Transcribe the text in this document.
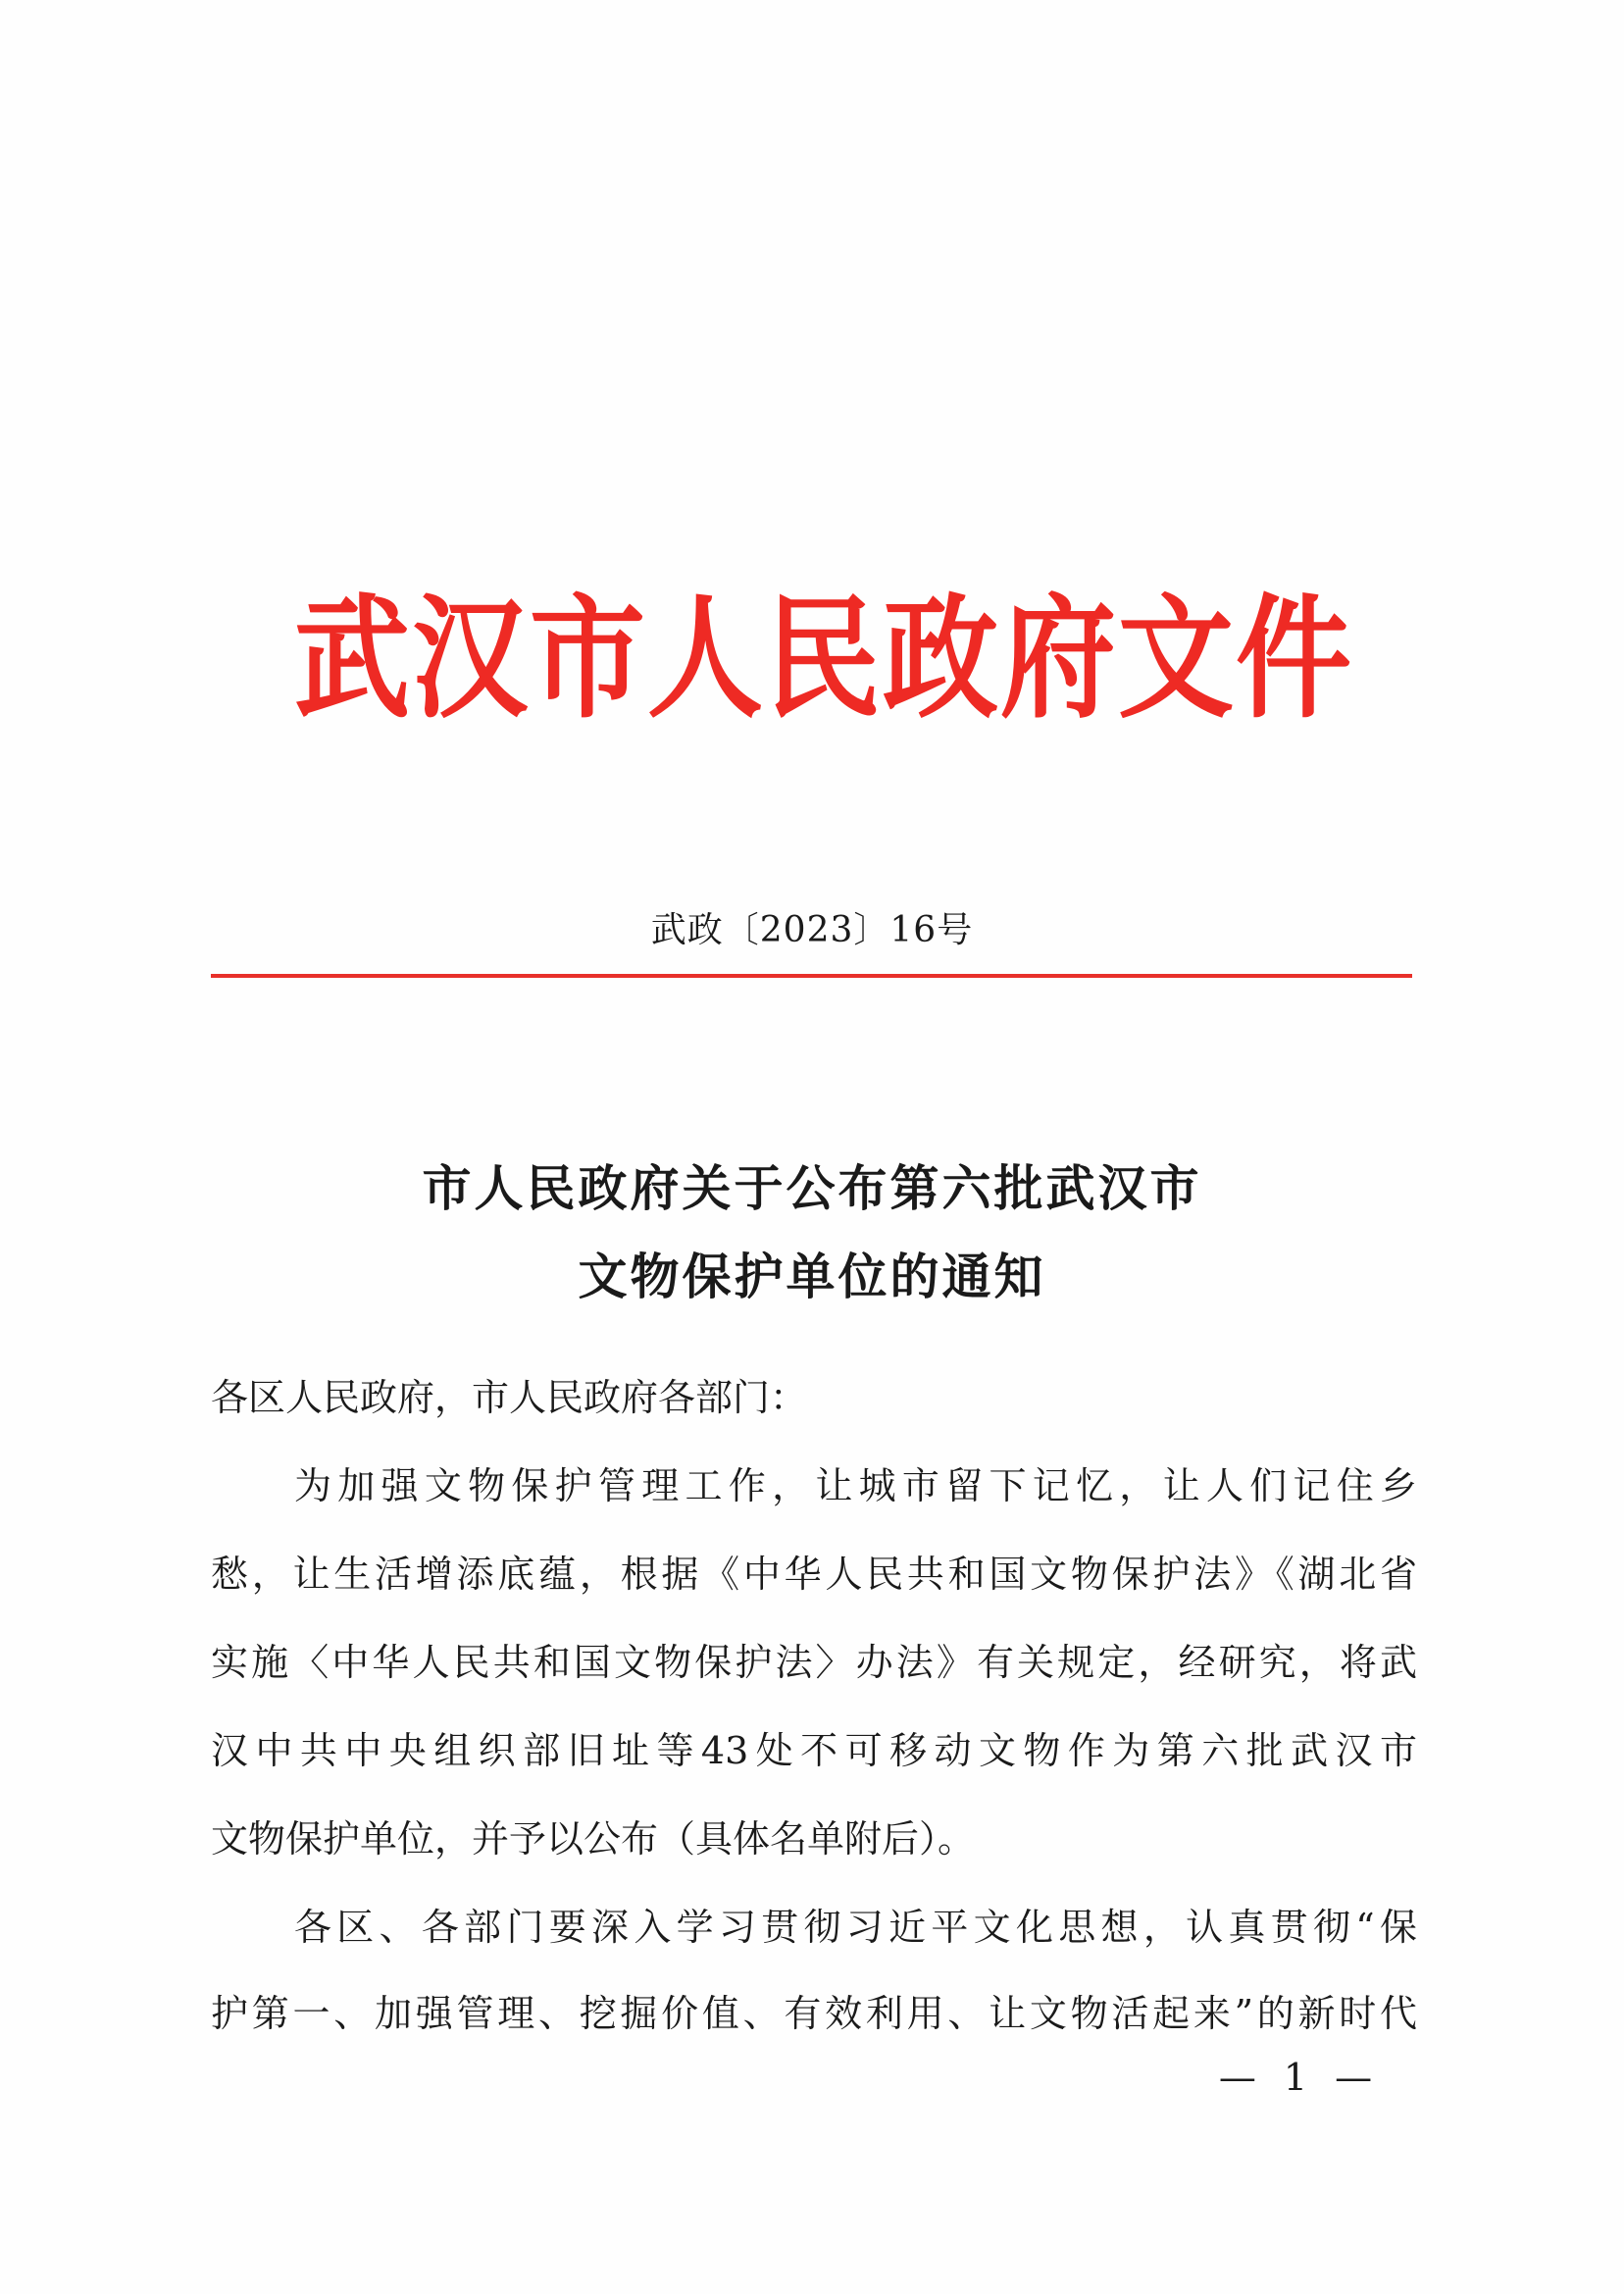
武汉市人民政府文件
武政〔2023〕16号
市人民政府关于公布第六批武汉市
文物保护单位的通知
各区人民政府，市人民政府各部门：
为加强文物保护管理工作，让城市留下记忆，让人们记住乡
愁，让生活增添底蕴，根据《中华人民共和国文物保护法》《湖北省
实施〈中华人民共和国文物保护法〉办法》有关规定，经研究，将武
汉中共中央组织部旧址等43处不可移动文物作为第六批武汉市
文物保护单位，并予以公布（具体名单附后）。
各区、各部门要深入学习贯彻习近平文化思想，认真贯彻“保
护第一、加强管理、挖掘价值、有效利用、让文物活起来”的新时代
— 1 —
